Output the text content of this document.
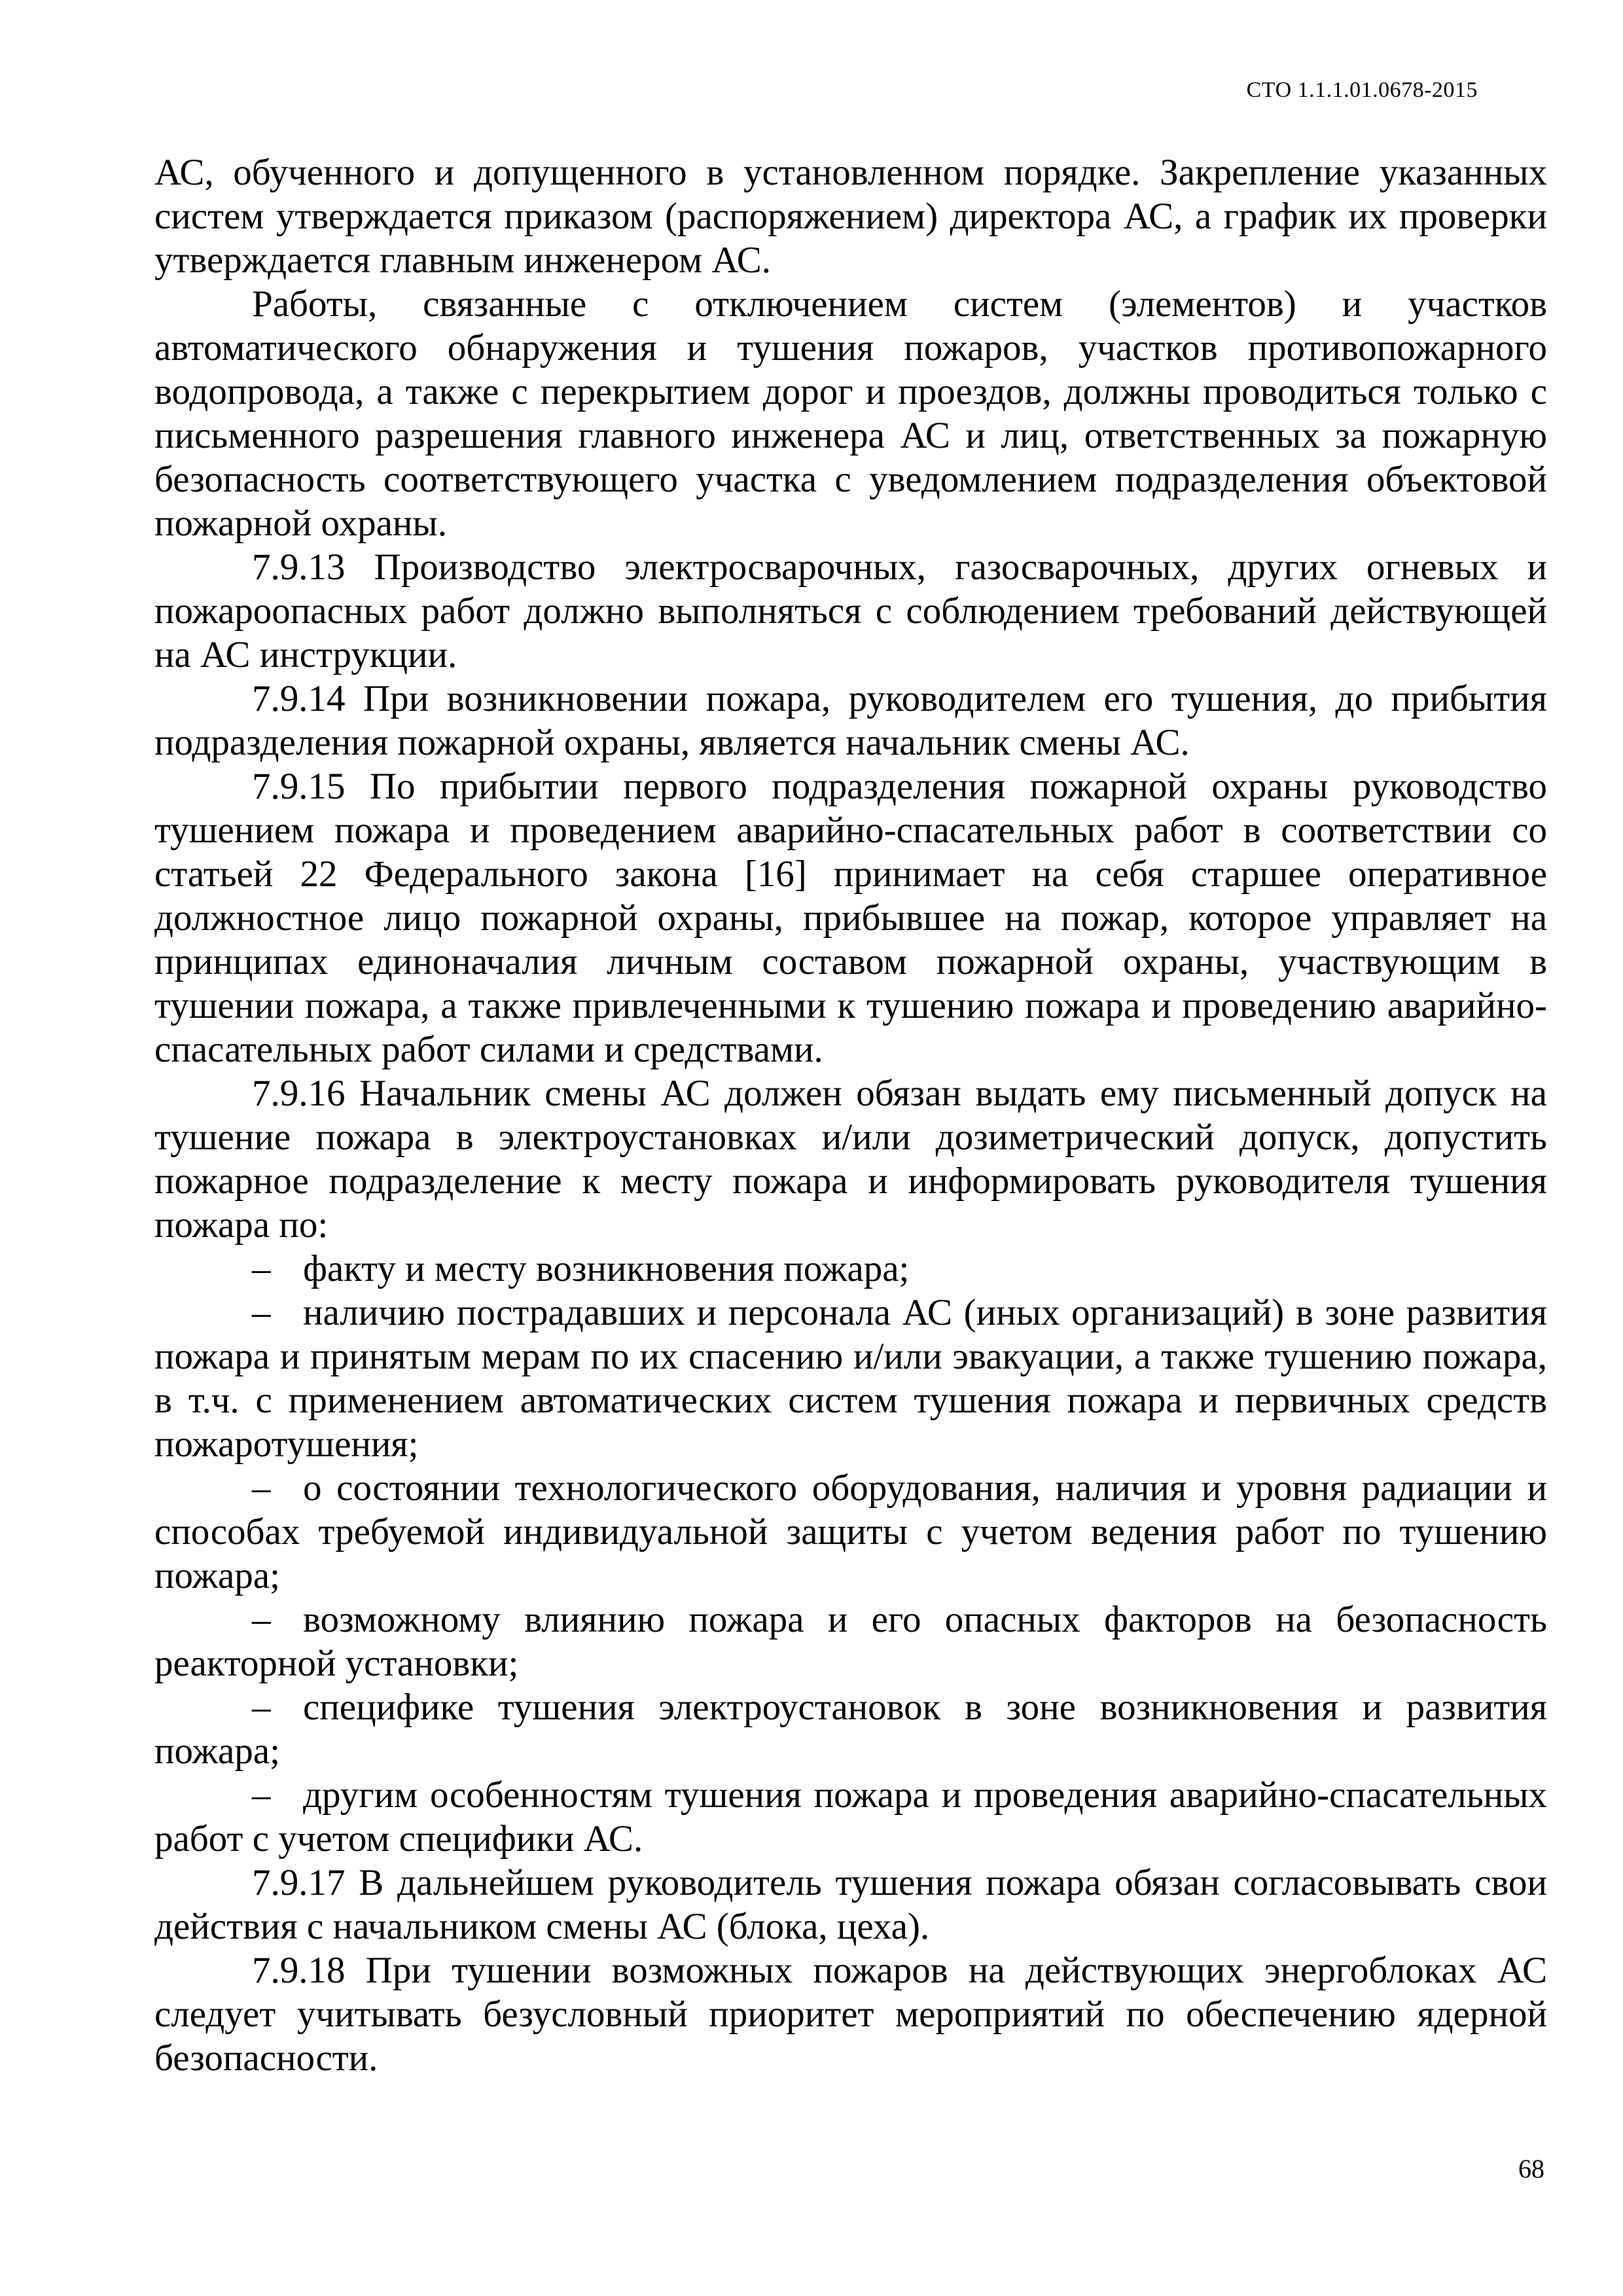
СТО 1.1.1.01.0678-2015

АС, обученного и допущенного в установленном порядке. Закрепление указанных систем утверждается приказом (распоряжением) директора АС, а график их проверки утверждается главным инженером АС.

Работы, связанные с отключением систем (элементов) и участков автоматического обнаружения и тушения пожаров, участков противопожарного водопровода, а также с перекрытием дорог и проездов, должны проводиться только с письменного разрешения главного инженера АС и лиц, ответственных за пожарную безопасность соответствующего участка с уведомлением подразделения объектовой пожарной охраны.

7.9.13 Производство электросварочных, газосварочных, других огневых и пожароопасных работ должно выполняться с соблюдением требований действующей на АС инструкции.

7.9.14 При возникновении пожара, руководителем его тушения, до прибытия подразделения пожарной охраны, является начальник смены АС.

7.9.15 По прибытии первого подразделения пожарной охраны руководство тушением пожара и проведением аварийно-спасательных работ в соответствии со статьей 22 Федерального закона [16] принимает на себя старшее оперативное должностное лицо пожарной охраны, прибывшее на пожар, которое управляет на принципах единоначалия личным составом пожарной охраны, участвующим в тушении пожара, а также привлеченными к тушению пожара и проведению аварийно-спасательных работ силами и средствами.

7.9.16 Начальник смены АС должен обязан выдать ему письменный допуск на тушение пожара в электроустановках и/или дозиметрический допуск, допустить пожарное подразделение к месту пожара и информировать руководителя тушения пожара по:

– факту и месту возникновения пожара;

– наличию пострадавших и персонала АС (иных организаций) в зоне развития пожара и принятым мерам по их спасению и/или эвакуации, а также тушению пожара, в т.ч. с применением автоматических систем тушения пожара и первичных средств пожаротушения;

– о состоянии технологического оборудования, наличия и уровня радиации и способах требуемой индивидуальной защиты с учетом ведения работ по тушению пожара;

– возможному влиянию пожара и его опасных факторов на безопасность реакторной установки;

– специфике тушения электроустановок в зоне возникновения и развития пожара;

– другим особенностям тушения пожара и проведения аварийно-спасательных работ с учетом специфики АС.

7.9.17 В дальнейшем руководитель тушения пожара обязан согласовывать свои действия с начальником смены АС (блока, цеха).

7.9.18 При тушении возможных пожаров на действующих энергоблоках АС следует учитывать безусловный приоритет мероприятий по обеспечению ядерной безопасности.

68
